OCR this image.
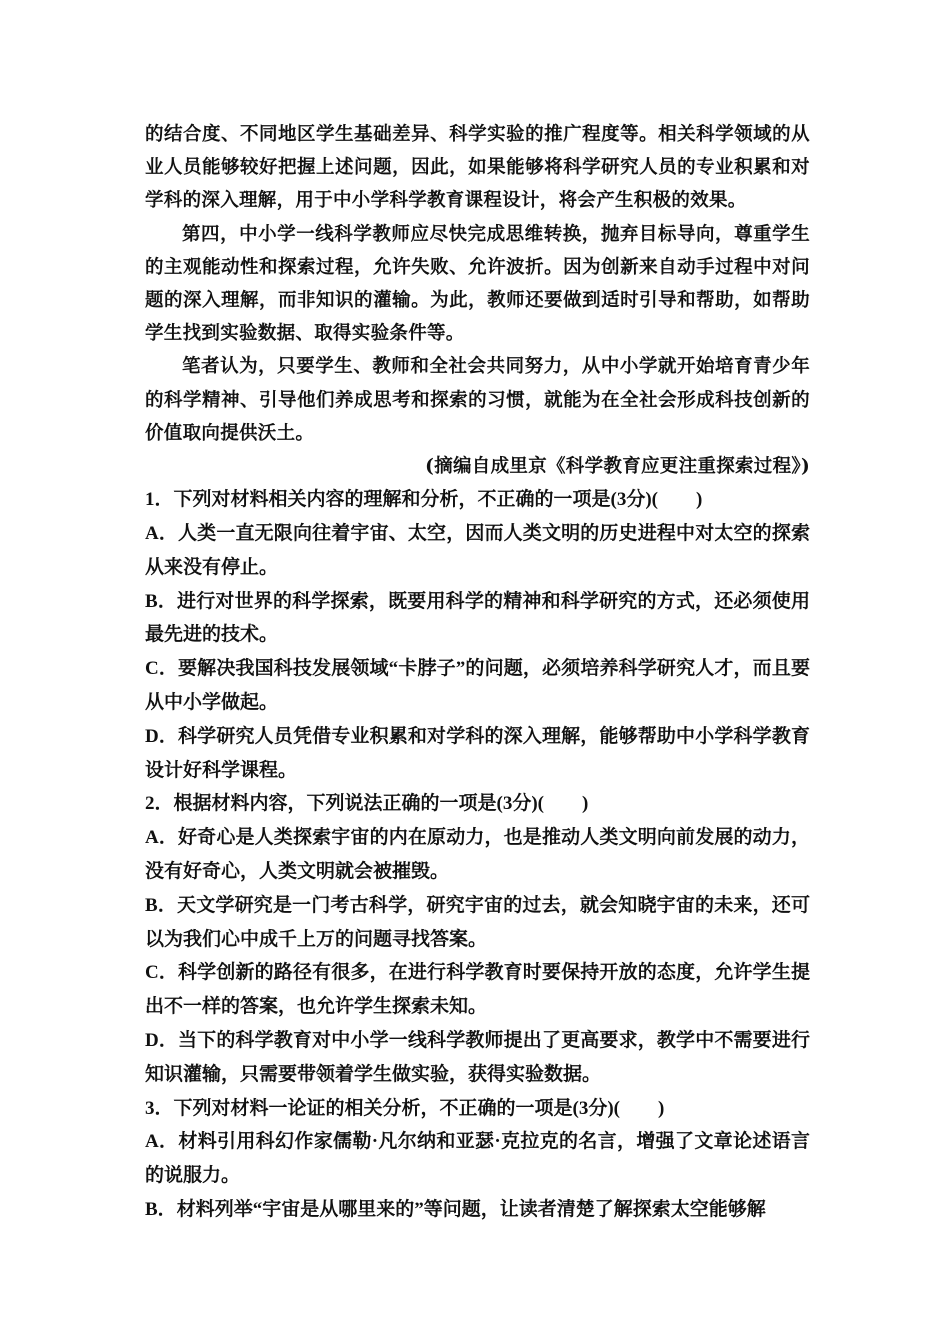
的结合度、不同地区学生基础差异、科学实验的推广程度等。相关科学领域的从业人员能够较好把握上述问题，因此，如果能够将科学研究人员的专业积累和对学科的深入理解，用于中小学科学教育课程设计，将会产生积极的效果。

第四，中小学一线科学教师应尽快完成思维转换，抛弃目标导向，尊重学生的主观能动性和探索过程，允许失败、允许波折。因为创新来自动手过程中对问题的深入理解，而非知识的灌输。为此，教师还要做到适时引导和帮助，如帮助学生找到实验数据、取得实验条件等。

笔者认为，只要学生、教师和全社会共同努力，从中小学就开始培育青少年的科学精神、引导他们养成思考和探索的习惯，就能为在全社会形成科技创新的价值取向提供沃土。

(摘编自成里京《科学教育应更注重探索过程》)

1．下列对材料相关内容的理解和分析，不正确的一项是(3分)(　　)

A．人类一直无限向往着宇宙、太空，因而人类文明的历史进程中对太空的探索从来没有停止。

B．进行对世界的科学探索，既要用科学的精神和科学研究的方式，还必须使用最先进的技术。

C．要解决我国科技发展领域“卡脖子”的问题，必须培养科学研究人才，而且要从中小学做起。

D．科学研究人员凭借专业积累和对学科的深入理解，能够帮助中小学科学教育设计好科学课程。

2．根据材料内容，下列说法正确的一项是(3分)(　　)

A．好奇心是人类探索宇宙的内在原动力，也是推动人类文明向前发展的动力，没有好奇心，人类文明就会被摧毁。

B．天文学研究是一门考古科学，研究宇宙的过去，就会知晓宇宙的未来，还可以为我们心中成千上万的问题寻找答案。

C．科学创新的路径有很多，在进行科学教育时要保持开放的态度，允许学生提出不一样的答案，也允许学生探索未知。

D．当下的科学教育对中小学一线科学教师提出了更高要求，教学中不需要进行知识灌输，只需要带领着学生做实验，获得实验数据。

3．下列对材料一论证的相关分析，不正确的一项是(3分)(　　)

A．材料引用科幻作家儒勒·凡尔纳和亚瑟·克拉克的名言，增强了文章论述语言的说服力。

B．材料列举“宇宙是从哪里来的”等问题，让读者清楚了解探索太空能够解
